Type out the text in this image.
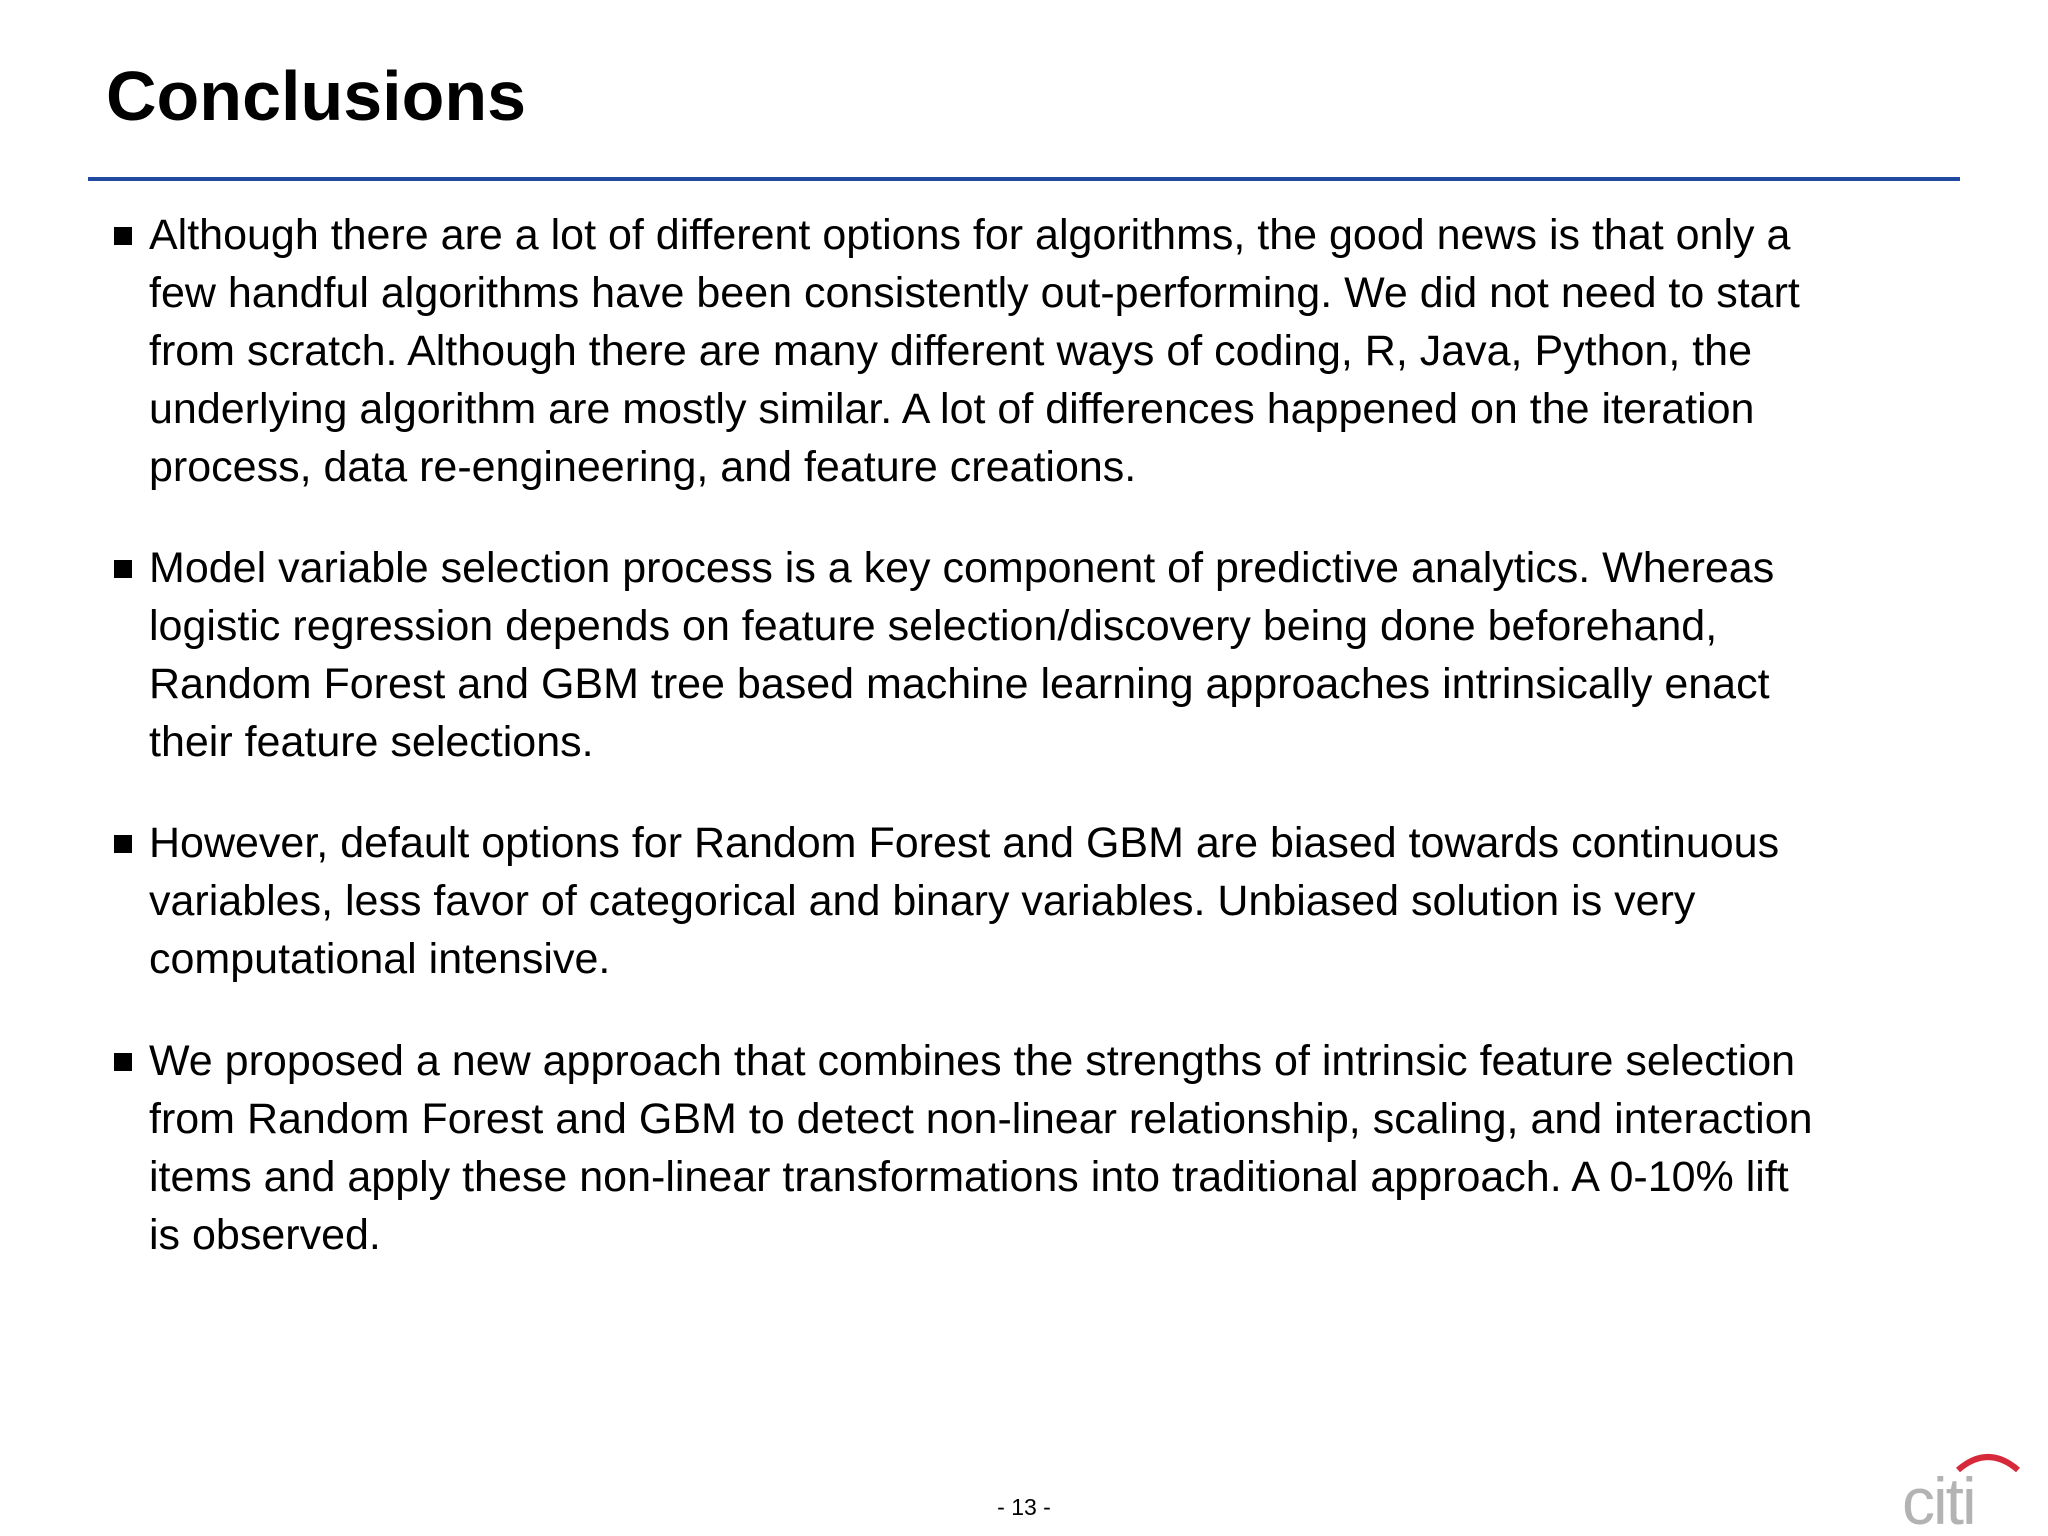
Conclusions
Although there are a lot of different options for algorithms, the good news is that only a
few handful algorithms have been consistently out-performing. We did not need to start
from scratch. Although there are many different ways of coding, R, Java, Python, the
underlying algorithm are mostly similar. A lot of differences happened on the iteration
process, data re-engineering, and feature creations.
Model variable selection process is a key component of predictive analytics. Whereas
logistic regression depends on feature selection/discovery being done beforehand,
Random Forest and GBM tree based machine learning approaches intrinsically enact
their feature selections.
However, default options for Random Forest and GBM are biased towards continuous
variables, less favor of categorical and binary variables. Unbiased solution is very
computational intensive.
We proposed a new approach that combines the strengths of intrinsic feature selection
from Random Forest and GBM to detect non-linear relationship, scaling, and interaction
items and apply these non-linear transformations into traditional approach. A 0-10% lift
is observed.
- 13 -	citi
